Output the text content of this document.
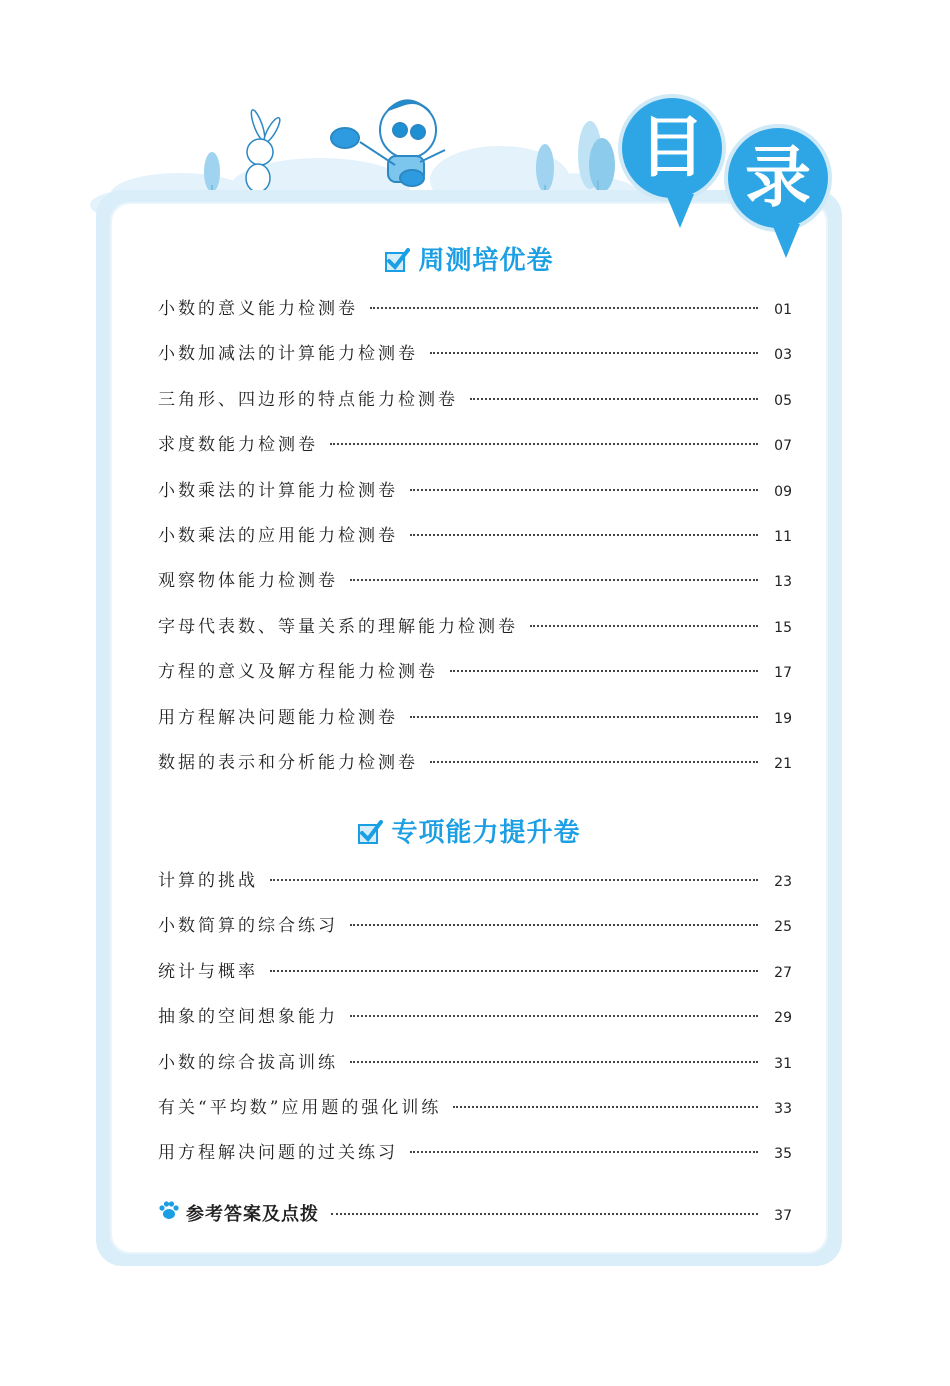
目 录
周测培优卷
小数的意义能力检测卷	01
小数加减法的计算能力检测卷	03
三角形、四边形的特点能力检测卷	05
求度数能力检测卷	07
小数乘法的计算能力检测卷	09
小数乘法的应用能力检测卷	11
观察物体能力检测卷	13
字母代表数、等量关系的理解能力检测卷	15
方程的意义及解方程能力检测卷	17
用方程解决问题能力检测卷	19
数据的表示和分析能力检测卷	21
专项能力提升卷
计算的挑战	23
小数简算的综合练习	25
统计与概率	27
抽象的空间想象能力	29
小数的综合拔高训练	31
有关“平均数”应用题的强化训练	33
用方程解决问题的过关练习	35
参考答案及点拨	37
